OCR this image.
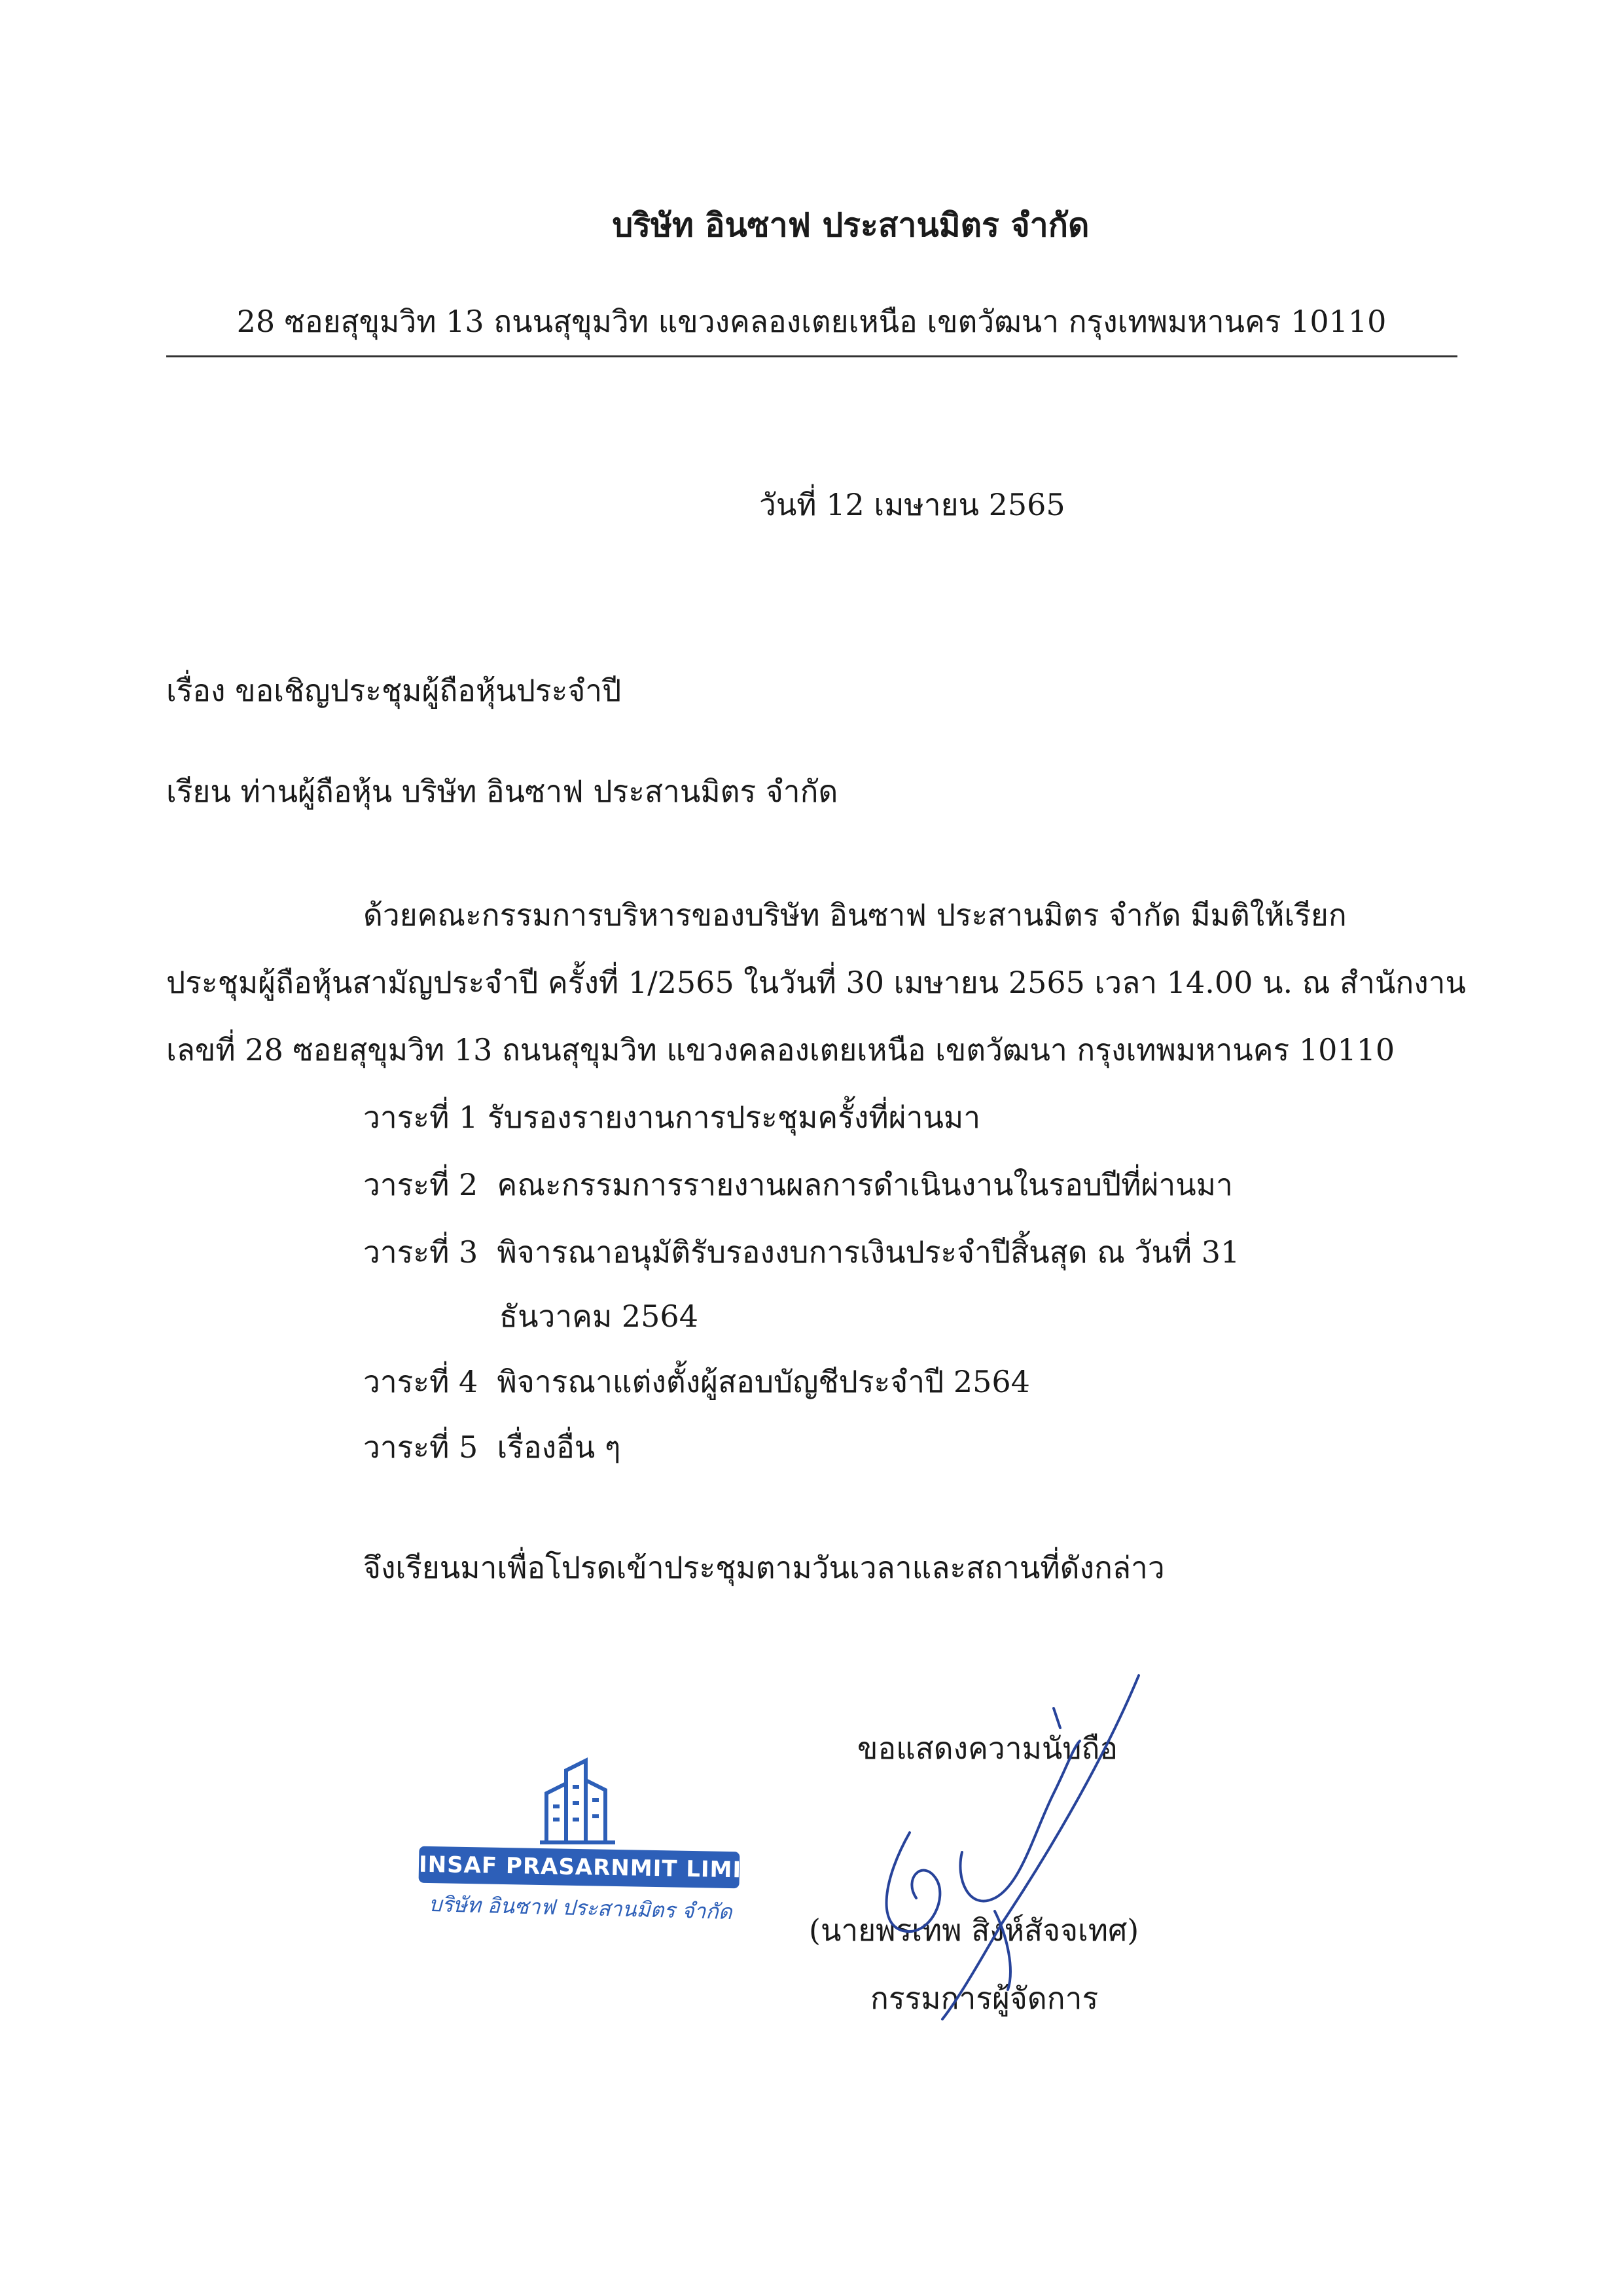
บริษัท อินซาฟ ประสานมิตร จำกัด
28 ซอยสุขุมวิท 13 ถนนสุขุมวิท แขวงคลองเตยเหนือ เขตวัฒนา กรุงเทพมหานคร 10110
วันที่ 12 เมษายน 2565
เรื่อง ขอเชิญประชุมผู้ถือหุ้นประจำปี
เรียน ท่านผู้ถือหุ้น บริษัท อินซาฟ ประสานมิตร จำกัด
ด้วยคณะกรรมการบริหารของบริษัท อินซาฟ ประสานมิตร จำกัด มีมติให้เรียก
ประชุมผู้ถือหุ้นสามัญประจำปี ครั้งที่ 1/2565 ในวันที่ 30 เมษายน 2565 เวลา 14.00 น. ณ สำนักงาน
เลขที่ 28 ซอยสุขุมวิท 13 ถนนสุขุมวิท แขวงคลองเตยเหนือ เขตวัฒนา กรุงเทพมหานคร 10110
วาระที่ 1 รับรองรายงานการประชุมครั้งที่ผ่านมา
วาระที่ 2 คณะกรรมการรายงานผลการดำเนินงานในรอบปีที่ผ่านมา
วาระที่ 3 พิจารณาอนุมัติรับรองงบการเงินประจำปีสิ้นสุด ณ วันที่ 31
ธันวาคม 2564
วาระที่ 4 พิจารณาแต่งตั้งผู้สอบบัญชีประจำปี 2564
วาระที่ 5 เรื่องอื่น ๆ
จึงเรียนมาเพื่อโปรดเข้าประชุมตามวันเวลาและสถานที่ดังกล่าว
ขอแสดงความนับถือ
(นายพรเทพ สิงห์สัจจเทศ)
กรรมการผู้จัดการ
INSAF PRASARNMIT LIMITED
บริษัท อินซาฟ ประสานมิตร จำกัด
